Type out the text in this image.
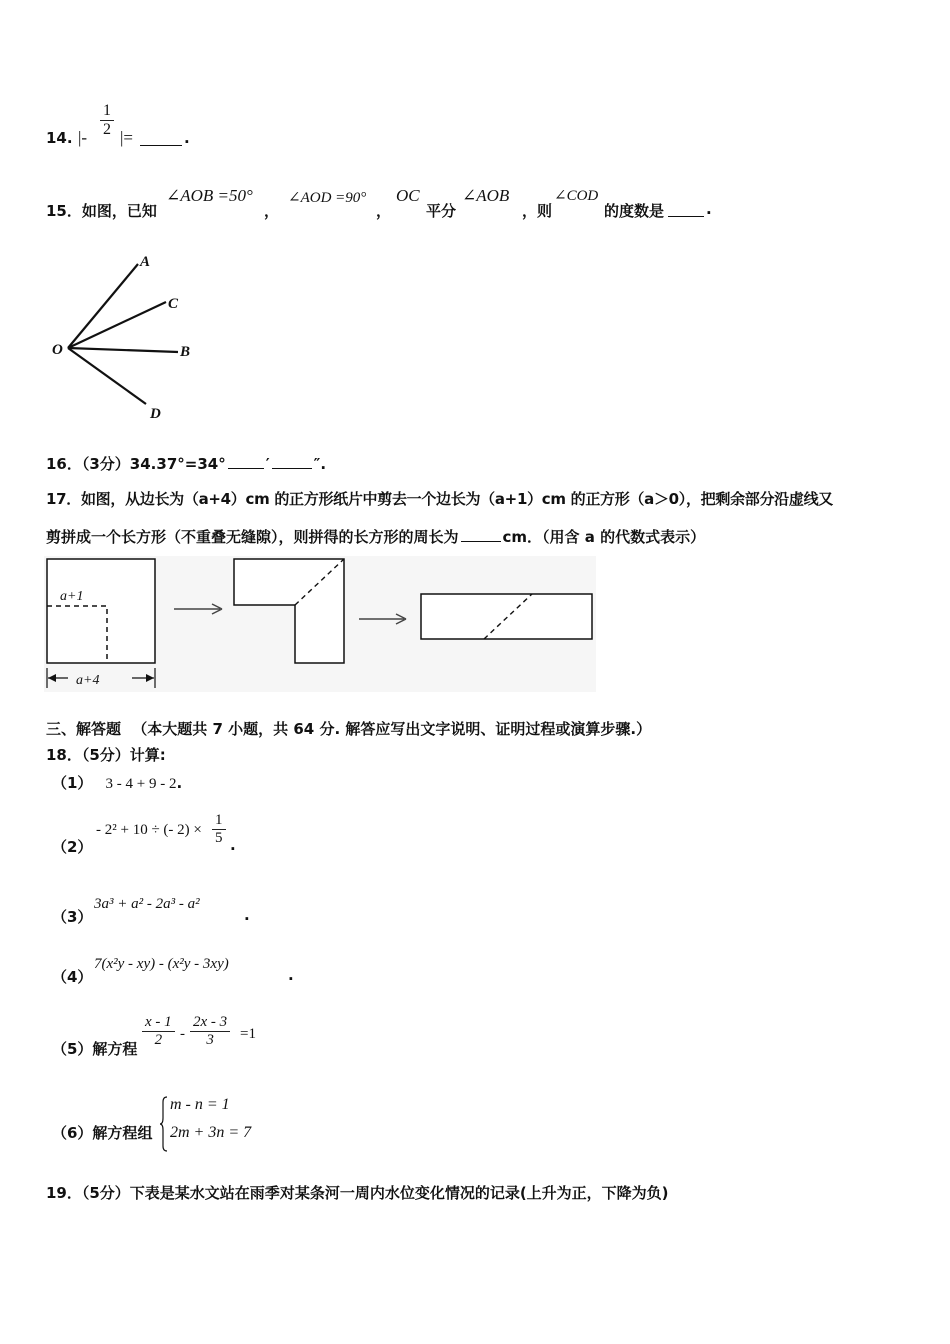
14. |- $\frac{1}{2}$ |=	.
15．如图，已知
∠AOB =50°
，
∠AOD =90°
，
OC
平分
∠AOB
，则
∠COD
的度数是	.
A
C
O	B
D
16．（3分）34.37°=34°	′	″.
17．如图，从边长为（a+4）cm 的正方形纸片中剪去一个边长为（a+1）cm 的正方形（a＞0），把剩余部分沿虚线又
剪拼成一个长方形（不重叠无缝隙），则拼得的长方形的周长为	cm．（用含 a 的代数式表示）
a+1
a+4
三、解答题 （本大题共 7 小题，共 64 分. 解答应写出文字说明、证明过程或演算步骤.）
18．（5分）计算:
（1） 3 - 4 + 9 - 2.
（2）
- 2² + 10 ÷ (- $2) \times \frac{1}{5}$ .
（3）
3a³ + a² - 2a³ - a²
.
（4）
7(x²y - xy) - (x²y - 3xy)
.
（5）解方程 $\frac{x - 1}{2} - \frac{2x - 3}{3} =1$
（6）解方程组
m - n = 1
2m + 3n = 7
19．（5分）下表是某水文站在雨季对某条河一周内水位变化情况的记录(上升为正，下降为负)
